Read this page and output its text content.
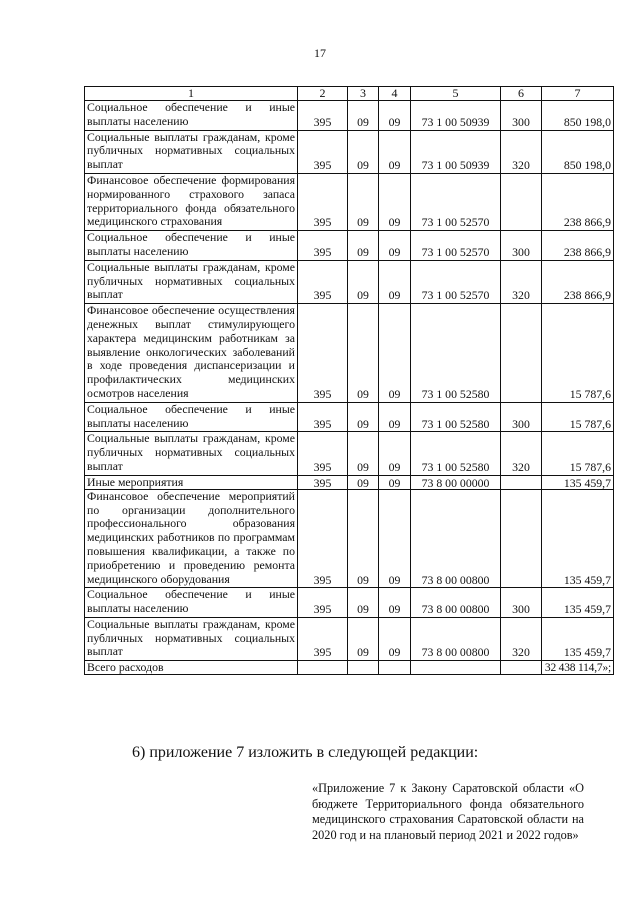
17
1	2	3	4	5	6	7
Социальное обеспечение и иные выплаты населению	395	09	09	73 1 00 50939	300	850 198,0
Социальные выплаты гражданам, кроме публичных нормативных социальных выплат	395	09	09	73 1 00 50939	320	850 198,0
Финансовое обеспечение формирования нормированного страхового запаса территориального фонда обязательного медицинского страхования	395	09	09	73 1 00 52570		238 866,9
Социальное обеспечение и иные выплаты населению	395	09	09	73 1 00 52570	300	238 866,9
Социальные выплаты гражданам, кроме публичных нормативных социальных выплат	395	09	09	73 1 00 52570	320	238 866,9
Финансовое обеспечение осуществления денежных выплат стимулирующего характера медицинским работникам за выявление онкологических заболеваний в ходе проведения диспансеризации и профилактических медицинских осмотров населения	395	09	09	73 1 00 52580		15 787,6
Социальное обеспечение и иные выплаты населению	395	09	09	73 1 00 52580	300	15 787,6
Социальные выплаты гражданам, кроме публичных нормативных социальных выплат	395	09	09	73 1 00 52580	320	15 787,6
Иные мероприятия	395	09	09	73 8 00 00000		135 459,7
Финансовое обеспечение мероприятий по организации дополнительного профессионального образования медицинских работников по программам повышения квалификации, а также по приобретению и проведению ремонта медицинского оборудования	395	09	09	73 8 00 00800		135 459,7
Социальное обеспечение и иные выплаты населению	395	09	09	73 8 00 00800	300	135 459,7
Социальные выплаты гражданам, кроме публичных нормативных социальных выплат	395	09	09	73 8 00 00800	320	135 459,7
Всего расходов						32 438 114,7»;
6) приложение 7 изложить в следующей редакции:
«Приложение 7 к Закону Саратовской области «О бюджете Территориального фонда обязательного медицинского страхования Саратовской области на 2020 год и на плановый период 2021 и 2022 годов»
